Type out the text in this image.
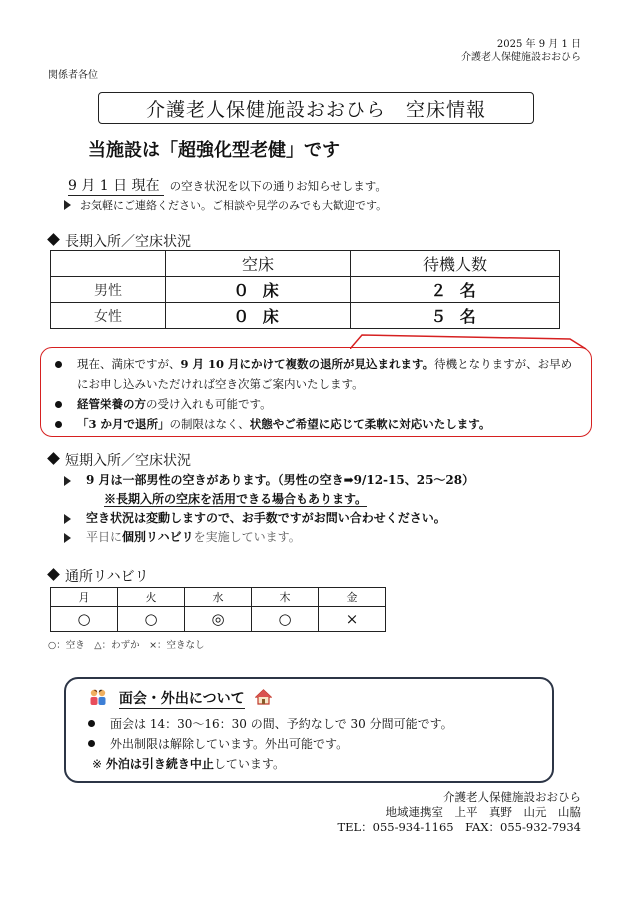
2025 年 9 月 1 日
介護老人保健施設おおひら
関係者各位
介護老人保健施設おおひら　空床情報
当施設は「超強化型老健」です
9 月 1 日 現在 の空き状況を以下の通りお知らせします。
お気軽にご連絡ください。ご相談や見学のみでも大歓迎です。
長期入所／空床状況
	空床	待機人数
男性	０ 床	２ 名
女性	０ 床	５ 名
現在、満床ですが、9 月 10 月にかけて複数の退所が見込まれます。待機となりますが、お早めにお申し込みいただければ空き次第ご案内いたします。
経管栄養の方の受け入れも可能です。
「3 か月で退所」の制限はなく、状態やご希望に応じて柔軟に対応いたします。
短期入所／空床状況
9 月は一部男性の空きがあります。（男性の空き➡9/12-15、25～28）
※長期入所の空床を活用できる場合もあります。
空き状況は変動しますので、お手数ですがお問い合わせください。
平日に個別リハビリを実施しています。
通所リハビリ
月	火	水	木	金
○	○	◎	○	×
○：空き　△：わずか　×：空きなし
面会・外出について
面会は 14：30～16：30 の間、予約なしで 30 分間可能です。
外出制限は解除しています。外出可能です。
※ 外泊は引き続き中止しています。
介護老人保健施設おおひら
地域連携室　上平　真野　山元　山脇
TEL：055-934-1165　FAX：055-932-7934
